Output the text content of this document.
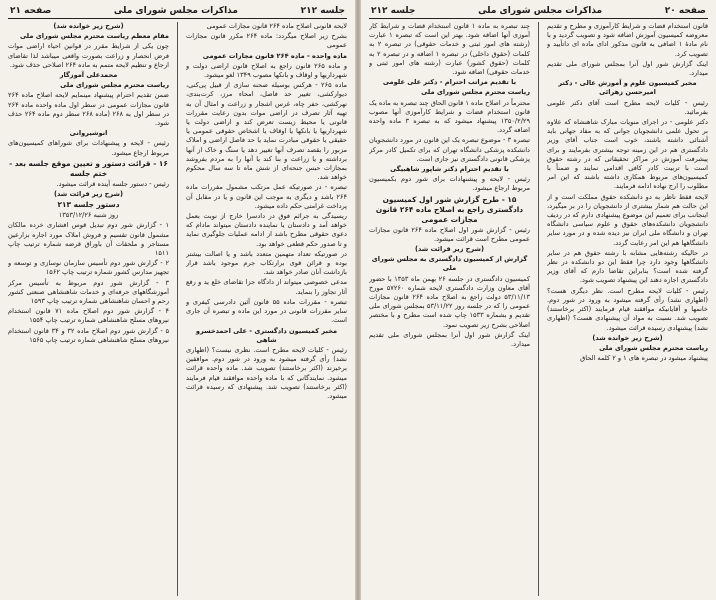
جلسه ۲۱۲
مذاکرات مجلس شورای ملی
صفحه ۲۱

لایحه قانونی اصلاح ماده ۲۶۴ قانون مجازات عمومی

بشرح زیر اصلاح میگردد: ماده ۲۶۴ مکرر قانون مجازات عمومی

ماده واحده - ماده ۲۶۴ قانون مجازات عمومی

و ماده ۲۶۵ قانون راجع به اصلاح قانون اراضی دولت و شهرداریها و اوقاف و بانکها مصوب ۱۳۴۹ لغو میشود.

ماده ۲۶۵ - هرکس بوسیله صحنه سازی از قبیل پی‌کنی، دیوارکشی، تغییر حد فاصل، امحاء مرز، کرت‌بندی، نهرکشی، حفر چاه، غرس اشجار و زراعت و امثال آن به تهیه آثار تصرف در اراضی موات بدون رعایت مقررات قانونی یا محیط زیست تعرض کند و اراضی دولت یا شهرداریها یا بانکها یا اوقاف یا اشخاص حقوقی عمومی یا حقیقی یا حقوقی مبادرت نماید یا حد فاصل اراضی و املاک مزبور را بقصد تصرف آنها تغییر دهد یا سنگ و خاک از آنها برداشته و یا زراعت و بنا کند یا آنها را به مردم بفروشد بمجازات حبس جنحه‌ای از شش ماه تا سه سال محکوم خواهد شد.

تبصره - در صورتیکه عمل مرتکب مشمول مقررات ماده ۲۶۴ باشد و دیگری به موجب این قانون و یا در مقابل آن پرداخت غرامتی حکم داده میشود.

ریسیدگی به جرائم فوق در دادسرا خارج از نوبت بعمل خواهد آمد و دادستان یا نماینده دادستان میتواند مادام که دعوی حقوقی مطرح باشد از ادامه عملیات جلوگیری نماید و تا صدور حکم قطعی خواهد بود.

در صورتیکه تعداد متهمین متعدد باشد و یا اصالت بیشتر بوده و قرائن قوی برارتکاب جرم موجود باشد قرار بازداشت آنان صادر خواهد شد.

مدعی خصوصی میتواند از دادگاه جزا تقاضای خلع ید و رفع آثار تجاوز را بنماید.

تبصره - مقررات ماده ۵۵ قانون آئین دادرسی کیفری و سایر مقررات قانونی در مورد این ماده و تبصره آن جاری است.

مخبر کمیسیون دادگستری - علی احمدخسرو شاهی

رئیس - کلیات لایحه مطرح است. نظری نیست؟ (اظهاری نشد) رأی گرفته میشود به ورود در شور دوم. موافقین برخیزند (اکثر برخاستند) تصویب شد. ماده واحده قرائت میشود. نمایندگانی که با ماده واحده موافقند قیام فرمایند (اکثر برخاستند) تصویب شد. پیشنهادی که رسیده قرائت میشود.

(شرح زیر خوانده شد)

مقام معظم ریاست محترم مجلس شورای ملی

چون یکی از شرایط مقرر در قوانین احیاء اراضی موات فرض انحصار و زراعت بصورت واقعی میباشد لذا تقاضای ارجاع و تنظیم لایحه متمم به ماده ۲۶۴ اصلاحی حذف شود.

محمدعلی آموزگار

ریاست محترم مجلس شورای ملی

ضمن تقدیم احترام پیشنهاد مینمایم لایحه اصلاح ماده ۲۶۴ قانون مجازات عمومی در سطر اول ماده واحده ماده ۲۶۴ در سطر اول به ۲۶۸ (ماده ۲۶۸ سطر دوم ماده ۲۶۴ حذف شود.

انوشیروانی

رئیس - لایحه و پیشنهادات برای شوراهای کمیسیون‌های مربوط ارجاع میشود.

۱۶ - قرائت دستور و تعیین موقع جلسه بعد - ختم جلسه

رئیس - دستور جلسه آینده قرائت میشود.

(شرح زیر قرائت شد)

دستور جلسه ۲۱۳

روز شنبه ۱۳۵۳/۱۲/۲۶

۱ - گزارش شور دوم تبدیل قوس افشاری خرده مالکان مشمول قانون تقسیم و فروش املاک مورد اجاره بزارعین مستاجر و ملحقات آن باوراق قرضه شماره ترتیب چاپ ۱۵۱۱

۲ - گزارش شور دوم تأسیس سازمان نوسازی و توسعه و تجهیز مدارس کشور شماره ترتیب چاپ ۱۵۶۲

۳ - گزارش شور دوم مربوط به تأسیس مرکز آموزشگاههای حرفه‌ای و خدمات شاهنشاهی صنعتی کشور رحم و احسان شاهنشاهی شماره ترتیب چاپ ۱۵۹۳

۴ - گزارش شور دوم اصلاح ماده ۷۱ قانون استخدام نیروهای مسلح شاهنشاهی شماره ترتیب چاپ ۱۵۵۴

۵ - گزارش شور دوم اصلاح ماده ۳۲ و ۳۴ قانون استخدام نیروهای مسلح شاهنشاهی شماره ترتیب چاپ ۱۵۶۵

صفحه ۲۰
مذاکرات مجلس شورای ملی
جلسه ۲۱۲

قانون استخدام قضات و شرایط کارآموزی و مطرح و تقدیم معروضه کمیسیون آموزش اضافه شود و تصویب گردید و با نام مادهٔ ۱ اضافی به قانون مذکور ادای ماده ای داتأیید و تصویب کرد.

اینک گزارش شور اول آنرا بمجلس شورای ملی تقدیم میدارد.

مخبر کمیسیون علوم و آموزش عالی - دکتر امیرحسن زهرائی

رئیس - کلیات لایحه مطرح است آقای دکتر علومی بفرمائید.

دکتر علومی - در اجرای منویات مبارک شاهنشاه که علاوه بر تحول علمی دانشجویان جوانی که به مفاد جهانی باید آشنائی داشته باشند، خوب است جناب آقای وزیر دادگستری هم در این زمینه توجه بیشتری بفرمایند و برای پیشرفت آموزش در مراکز تحقیقاتی که در رشته حقوق است با تربیت کادر کافی اقدامی نمایند و ضمناً با کمیسیون‌های مربوط همکاری داشته باشند که این امر مطلوب را ارج نهاده ادامه فرمایند.

لایحه فقط ناظر به دو دانشکده حقوق مملکت است و از این حالت هم شمار بیشتری از دانشجویان را در بر میگیرد، اینجانب برای تعمیم این موضوع پیشنهادی دارم که در ردیف دانشجویان دانشکده‌های حقوق و علوم سیاسی دانشگاه تهران و دانشگاه ملی ایران نیز دیده شده و در مورد سایر دانشگاهها هم این امر رعایت گردد.

در حالیکه رشته‌هایی مشابه با رشته حقوق هم در سایر دانشگاهها وجود دارد چرا فقط این دو دانشکده در نظر گرفته شده است؟ بنابراین تقاضا دارم که آقای وزیر دادگستری اجازه دهند این پیشنهاد تصویب شود.

رئیس - کلیات لایحه مطرح است. نظر دیگری هست؟ (اظهاری نشد) رأی گرفته میشود به ورود در شور دوم. خانمها و آقایانیکه موافقند قیام فرمایند (اکثر برخاستند) تصویب شد. نسبت به مواد آن پیشنهادی هست؟ (اظهاری نشد) پیشنهادی رسیده قرائت میشود.

(شرح زیر خوانده شد)

ریاست محترم مجلس شورای ملی

پیشنهاد میشود در تبصره های ۱ و ۲ کلمه الحاق

چند تبصره به ماده ۱ قانون استخدام قضات و شرایط کار آموزی آنها اضافه شود. بهتر این است که تبصره ۱ عبارت (رشته های امور ثبتی و خدمات حقوقی) در تبصره ۲ به کلمات (حقوق داخلی) در تبصره ۱ اضافه و در تبصره ۲ به کلمات (حقوق کشور) عبارت (رشته های امور ثبتی و خدمات حقوقی) اضافه شود.

با تقدیم مراتب احترام - دکتر علی علومی

ریاست محترم مجلس شورای ملی

محترماً در اصلاح ماده ۱ قانون الحاق چند تبصره به ماده یک قانون استخدام قضات و شرایط کارآموزی آنها مصوب ۱۳۵۰/۲/۲۹ پیشنهاد میشود که به تبصره ۳ ماده واحده اضافه گردد.

تبصره ۳ - موضوع تبصره یک این قانون در مورد دانشجویان دانشکده پزشکی دانشگاه تهران که برای تکمیل کادر مرکز پزشکی قانونی دادگستری نیز جاری است.

با تقدیم احترام دکتر شاپور شاهبیگی

رئیس - لایحه و پیشنهادات برای شور دوم بکمیسیون مربوط ارجاع میشود.

۱۵ - طرح گزارش شور اول کمیسیون دادگستری راجع به اصلاح ماده ۲۶۴ قانون مجازات عمومی

رئیس - گزارش شور اول اصلاح ماده ۲۶۴ قانون مجازات عمومی مطرح است قرائت میشود.

(شرح زیر قرائت شد)

گزارش از کمیسیون دادگستری به مجلس شورای ملی

کمیسیون دادگستری در جلسه ۲۶ بهمن ماه ۱۳۵۳ با حضور آقای معاون وزارت دادگستری لایحه شماره ۵۷۲۶۰ مورخ ۵۳/۱۱/۱۳ دولت راجع به اصلاح ماده ۲۶۴ قانون مجازات عمومی را که در جلسه روز ۵۳/۱۱/۲۲ بمجلس شورای ملی تقدیم و بشماره ۱۵۳۳ چاپ شده است مطرح و با مختصر اصلاحی بشرح زیر تصویب نمود.

اینک گزارش شور اول آنرا بمجلس شورای ملی تقدیم میدارد.
